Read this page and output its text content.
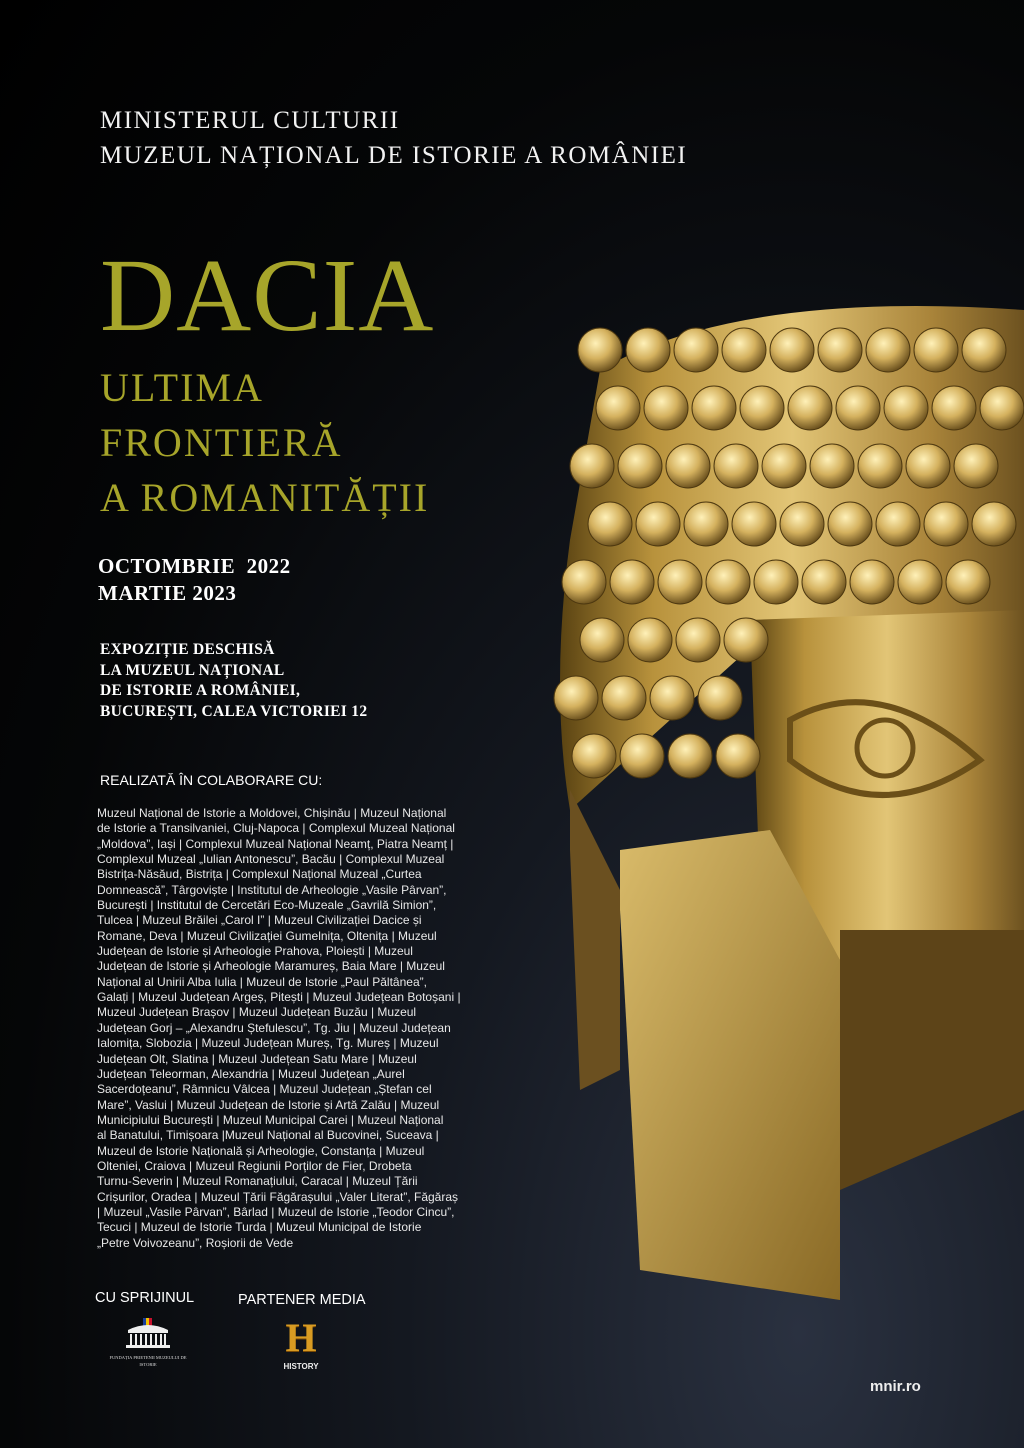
MINISTERUL CULTURII
MUZEUL NAȚIONAL DE ISTORIE A ROMÂNIEI
DACIA
ULTIMA
FRONTIERĂ
A ROMANITĂȚII
OCTOMBRIE  2022
MARTIE 2023
EXPOZIȚIE DESCHISĂ
LA MUZEUL NAȚIONAL
DE ISTORIE A ROMÂNIEI,
BUCUREȘTI, CALEA VICTORIEI 12
REALIZATĂ ÎN COLABORARE CU:
Muzeul Național de Istorie a Moldovei, Chișinău | Muzeul Național
de Istorie a Transilvaniei, Cluj-Napoca | Complexul Muzeal Național
„Moldova”, Iași | Complexul Muzeal Național Neamț, Piatra Neamț |
Complexul Muzeal „Iulian Antonescu”, Bacău | Complexul Muzeal
Bistrița-Năsăud, Bistrița | Complexul Național Muzeal „Curtea
Domnească”, Târgoviște | Institutul de Arheologie „Vasile Pârvan”,
București | Institutul de Cercetări Eco-Muzeale „Gavrilă Simion”,
Tulcea | Muzeul Brăilei „Carol I” | Muzeul Civilizației Dacice și
Romane, Deva | Muzeul Civilizației Gumelnița, Oltenița | Muzeul
Județean de Istorie și Arheologie Prahova, Ploiești | Muzeul
Județean de Istorie și Arheologie Maramureș, Baia Mare | Muzeul
Național al Unirii Alba Iulia | Muzeul de Istorie „Paul Păltânea”,
Galați | Muzeul Județean Argeș, Pitești | Muzeul Județean Botoșani |
Muzeul Județean Brașov | Muzeul Județean Buzău | Muzeul
Județean Gorj – „Alexandru Ștefulescu”, Tg. Jiu | Muzeul Județean
Ialomița, Slobozia | Muzeul Județean Mureș, Tg. Mureș | Muzeul
Județean Olt, Slatina | Muzeul Județean Satu Mare | Muzeul
Județean Teleorman, Alexandria | Muzeul Județean „Aurel
Sacerdoțeanu”, Râmnicu Vâlcea | Muzeul Județean „Ștefan cel
Mare”, Vaslui | Muzeul Județean de Istorie și Artă Zalău | Muzeul
Municipiului București | Muzeul Municipal Carei | Muzeul Național
al Banatului, Timișoara |Muzeul Național al Bucovinei, Suceava |
Muzeul de Istorie Națională și Arheologie, Constanța | Muzeul
Olteniei, Craiova | Muzeul Regiunii Porților de Fier, Drobeta
Turnu-Severin | Muzeul Romanațiului, Caracal | Muzeul Țării
Crișurilor, Oradea | Muzeul Țării Făgărașului „Valer Literat”, Făgăraș
| Muzeul „Vasile Pârvan”, Bârlad | Muzeul de Istorie „Teodor Cincu”,
Tecuci | Muzeul de Istorie Turda | Muzeul Municipal de Istorie
„Petre Voivozeanu”, Roșiorii de Vede
CU SPRIJINUL	PARTENER MEDIA
FUNDAȚIA PRIETENII MUZEULUI DE ISTORIE
H
HISTORY
mnir.ro
